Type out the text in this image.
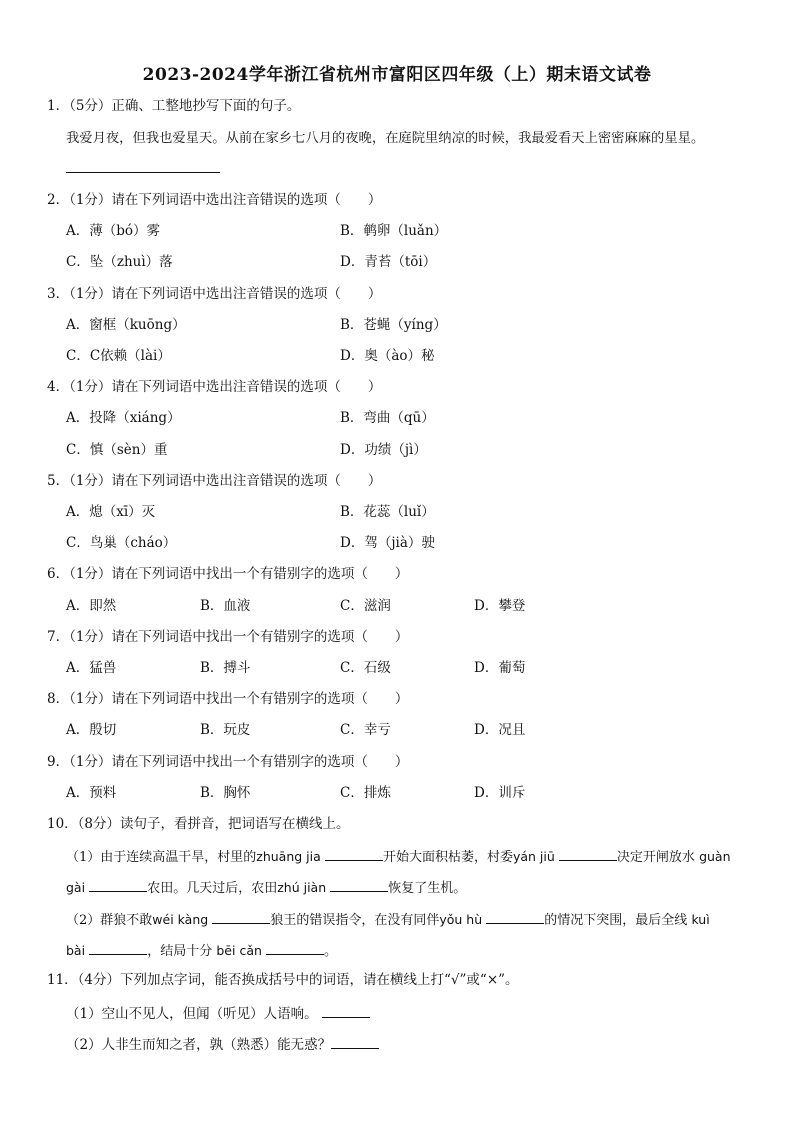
2023-2024学年浙江省杭州市富阳区四年级（上）期末语文试卷
1．（5分）正确、工整地抄写下面的句子。
我爱月夜，但我也爱星天。从前在家乡七八月的夜晚，在庭院里纳凉的时候，我最爱看天上密密麻麻的星星。
2．（1分）请在下列词语中选出注音错误的选项（　　）
A．薄（bó）雾	B．鹌卵（luǎn）
C．坠（zhuì）落	D．青苔（tōi）
3．（1分）请在下列词语中选出注音错误的选项（　　）
A．窗框（kuōng）	B．苍蝇（yíng）
C．C依赖（lài）	D．奥（ào）秘
4．（1分）请在下列词语中选出注音错误的选项（　　）
A．投降（xiáng）	B．弯曲（qū）
C．慎（sèn）重	D．功绩（jì）
5．（1分）请在下列词语中选出注音错误的选项（　　）
A．熄（xī）灭	B．花蕊（luǐ）
C．鸟巢（cháo）	D．驾（jià）驶
6．（1分）请在下列词语中找出一个有错别字的选项（　　）
A．即然	B．血液	C．滋润	D．攀登
7．（1分）请在下列词语中找出一个有错别字的选项（　　）
A．猛兽	B．搏斗	C．石级	D．葡萄
8．（1分）请在下列词语中找出一个有错别字的选项（　　）
A．殷切	B．玩皮	C．幸亏	D．况且
9．（1分）请在下列词语中找出一个有错别字的选项（　　）
A．预料	B．胸怀	C．排炼	D．训斥
10．（8分）读句子，看拼音，把词语写在横线上。
（1）由于连续高温干旱，村里的zhuāng jia	开始大面积枯萎，村委yán jiū	决定开闸放水 guàn
gài	农田。几天过后，农田zhú jiàn	恢复了生机。
（2）群狼不敢wéi kàng	狼王的错误指令，在没有同伴yǒu hù	的情况下突围，最后全线 kuì
bài	，结局十分 bēi cǎn	。
11．（4分）下列加点字词，能否换成括号中的词语，请在横线上打“√”或“×”。
（1）空山不见人，但闻（听见）人语响。
（2）人非生而知之者，孰（熟悉）能无惑？
